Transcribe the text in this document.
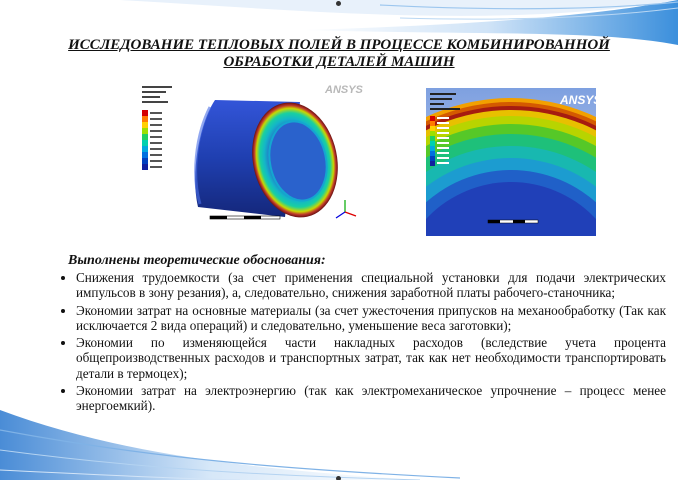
ИССЛЕДОВАНИЕ ТЕПЛОВЫХ ПОЛЕЙ В ПРОЦЕССЕ КОМБИНИРОВАННОЙ ОБРАБОТКИ ДЕТАЛЕЙ МАШИН
ANSYS
ANSYS
Выполнены теоретические обоснования:
• Снижения трудоемкости (за счет применения специальной установки для подачи электрических импульсов в зону резания), а, следовательно, снижения заработной платы рабочего-станочника;
• Экономии затрат на основные материалы (за счет ужесточения припусков на механообработку (Так как исключается 2 вида операций) и следовательно, уменьшение веса заготовки);
• Экономии по изменяющейся части накладных расходов (вследствие учета процента общепроизводственных расходов и транспортных затрат, так как нет необходимости транспортировать детали в термоцех);
• Экономии затрат на электроэнергию (так как электромеханическое упрочнение – процесс менее энергоемкий).
